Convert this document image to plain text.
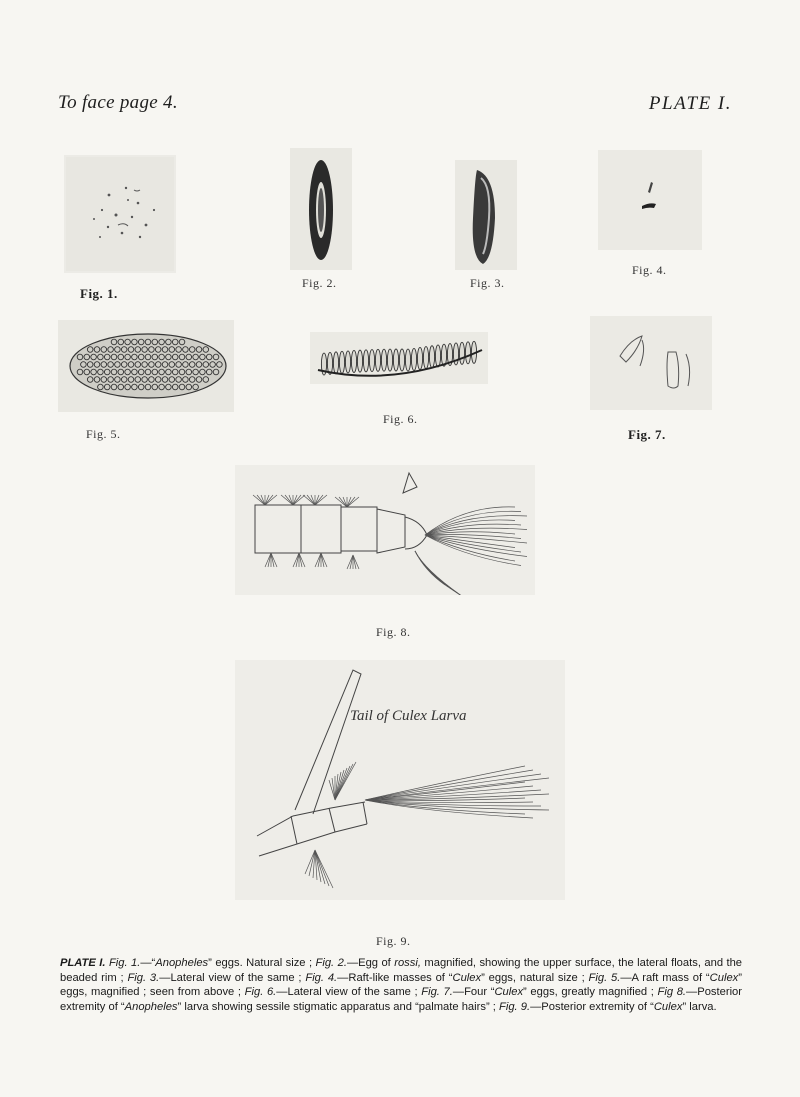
To face page 4.	PLATE I.
Fig. 1.
Fig. 2.	Fig. 3.
Fig. 4.
Fig. 5.
Fig. 6.
Fig. 7.
Fig. 8.
Tail of Culex Larva
Fig. 9.
PLATE I. Fig. 1.—“Anopheles” eggs. Natural size ; Fig. 2.—Egg of rossi, magnified, showing the upper surface, the lateral floats, and the beaded rim ; Fig. 3.—Lateral view of the same ; Fig. 4.—Raft-like masses of “Culex” eggs, natural size ; Fig. 5.—A raft mass of “Culex” eggs, magnified ; seen from above ; Fig. 6.—Lateral view of the same ; Fig. 7.—Four “Culex” eggs, greatly magnified ; Fig 8.—Posterior extremity of “Anopheles” larva showing sessile stigmatic apparatus and “palmate hairs” ; Fig. 9.—Posterior extremity of “Culex” larva.
